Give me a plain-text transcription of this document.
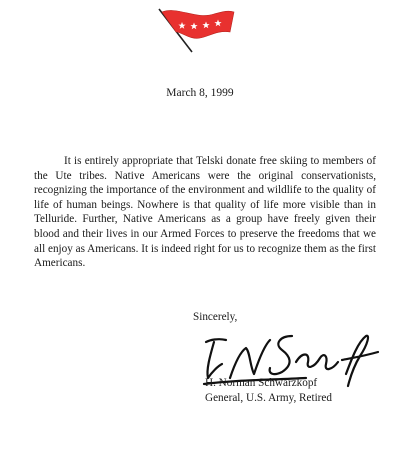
March 8, 1999

It is entirely appropriate that Telski donate free skiing to members of the Ute tribes. Native Americans were the original conservationists, recognizing the importance of the environment and wildlife to the quality of life of human beings. Nowhere is that quality of life more visible than in Telluride. Further, Native Americans as a group have freely given their blood and their lives in our Armed Forces to preserve the freedoms that we all enjoy as Americans. It is indeed right for us to recognize them as the first Americans.

Sincerely,
H. Norman Schwarzkopf
General, U.S. Army, Retired
